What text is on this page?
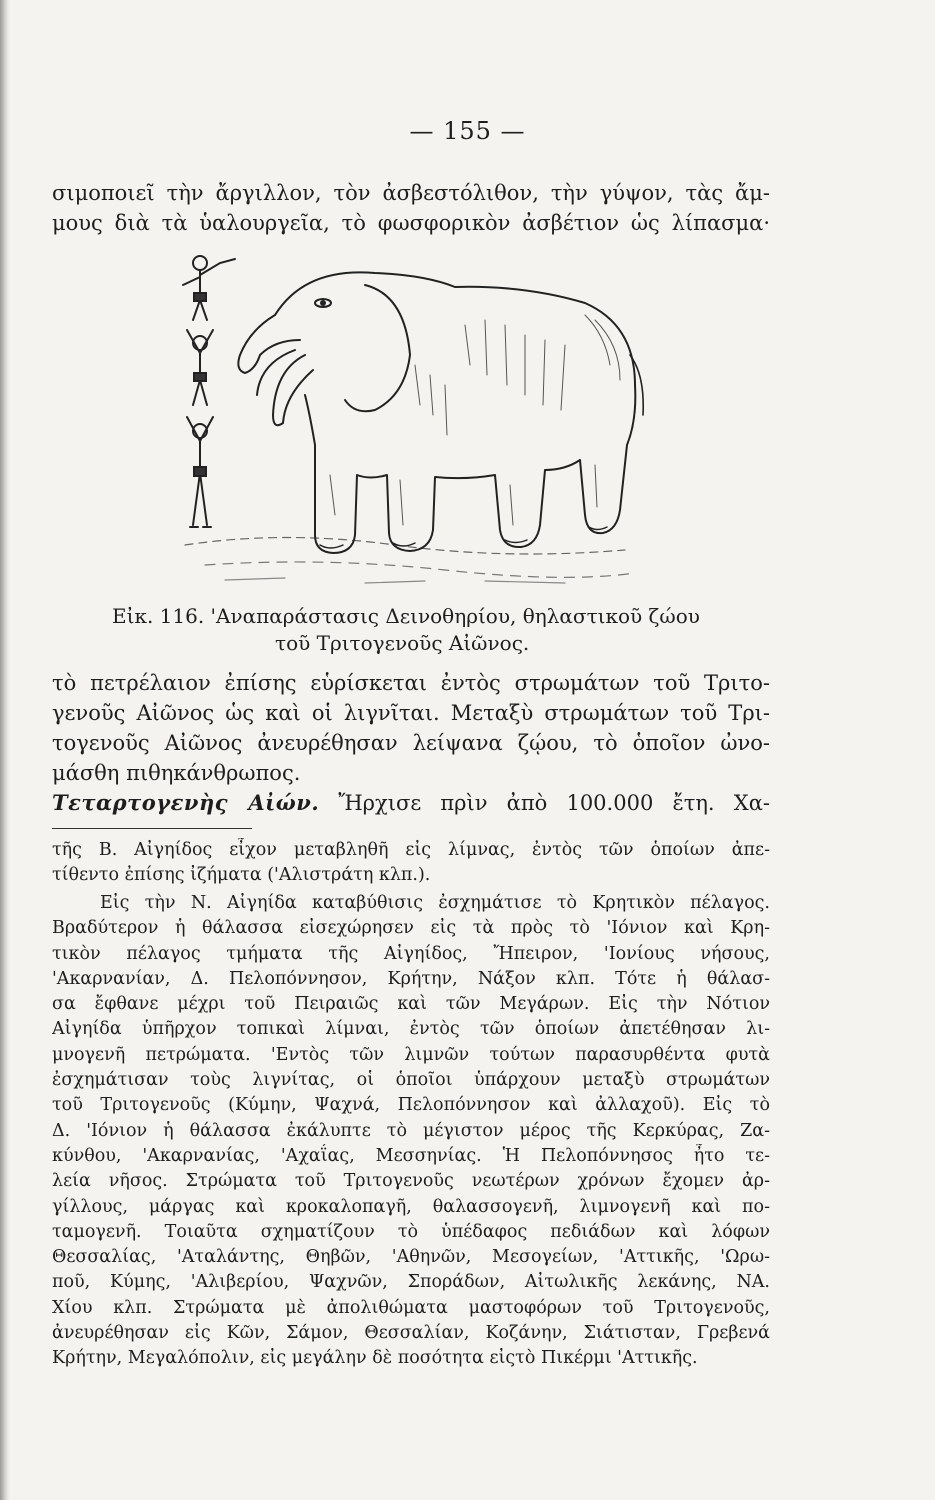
— 155 —
σιμοποιεῖ τὴν ἄργιλλον, τὸν ἀσβεστόλιθον, τὴν γύψον, τὰς ἄμ-
μους διὰ τὰ ὑαλουργεῖα, τὸ φωσφορικὸν ἀσβέτιον ὡς λίπασμα·
Εἰκ. 116. 'Αναπαράστασις Δεινοθηρίου, θηλαστικοῦ ζώου
τοῦ Τριτογενοῦς Αἰῶνος.
τὸ πετρέλαιον ἐπίσης εὑρίσκεται ἐντὸς στρωμάτων τοῦ Τριτο-
γενοῦς Αἰῶνος ὡς καὶ οἱ λιγνῖται. Μεταξὺ στρωμάτων τοῦ Τρι-
τογενοῦς Αἰῶνος ἀνευρέθησαν λείψανα ζῴου, τὸ ὁποῖον ὠνο-
μάσθη πιθηκάνθρωπος.
Τεταρτογενὴς Αἰών. Ἤρχισε πρὶν ἀπὸ 100.000 ἔτη. Χα-
τῆς Β. Αἰγηίδος εἶχον μεταβληθῆ εἰς λίμνας, ἐντὸς τῶν ὁποίων ἀπε-
τίθεντο ἐπίσης ἰζήματα ('Αλιστράτη κλπ.).
Εἰς τὴν Ν. Αἰγηίδα καταβύθισις ἐσχημάτισε τὸ Κρητικὸν πέλαγος.
Βραδύτερον ἡ θάλασσα εἰσεχώρησεν εἰς τὰ πρὸς τὸ 'Ιόνιον καὶ Κρη-
τικὸν πέλαγος τμήματα τῆς Αἰγηίδος, Ἤπειρον, 'Ιονίους νήσους,
'Ακαρνανίαν, Δ. Πελοπόννησον, Κρήτην, Νάξον κλπ. Τότε ἡ θάλασ-
σα ἔφθανε μέχρι τοῦ Πειραιῶς καὶ τῶν Μεγάρων. Εἰς τὴν Νότιον
Αἰγηίδα ὑπῆρχον τοπικαὶ λίμναι, ἐντὸς τῶν ὁποίων ἀπετέθησαν λι-
μνογενῆ πετρώματα. 'Εντὸς τῶν λιμνῶν τούτων παρασυρθέντα φυτὰ
ἐσχημάτισαν τοὺς λιγνίτας, οἱ ὁποῖοι ὑπάρχουν μεταξὺ στρωμάτων
τοῦ Τριτογενοῦς (Κύμην, Ψαχνά, Πελοπόννησον καὶ ἀλλαχοῦ). Εἰς τὸ
Δ. 'Ιόνιον ἡ θάλασσα ἐκάλυπτε τὸ μέγιστον μέρος τῆς Κερκύρας, Ζα-
κύνθου, 'Ακαρνανίας, 'Αχαΐας, Μεσσηνίας. Ἡ Πελοπόννησος ἦτο τε-
λεία νῆσος. Στρώματα τοῦ Τριτογενοῦς νεωτέρων χρόνων ἔχομεν ἀρ-
γίλλους, μάργας καὶ κροκαλοπαγῆ, θαλασσογενῆ, λιμνογενῆ καὶ πο-
ταμογενῆ. Τοιαῦτα σχηματίζουν τὸ ὑπέδαφος πεδιάδων καὶ λόφων
Θεσσαλίας, 'Αταλάντης, Θηβῶν, 'Αθηνῶν, Μεσογείων, 'Αττικῆς, 'Ωρω-
ποῦ, Κύμης, 'Αλιβερίου, Ψαχνῶν, Σποράδων, Αἰτωλικῆς λεκάνης, ΝΑ.
Χίου κλπ. Στρώματα μὲ ἀπολιθώματα μαστοφόρων τοῦ Τριτογενοῦς,
ἀνευρέθησαν εἰς Κῶν, Σάμον, Θεσσαλίαν, Κοζάνην, Σιάτισταν, Γρεβενά
Κρήτην, Μεγαλόπολιν, εἰς μεγάλην δὲ ποσότητα εἰςτὸ Πικέρμι 'Αττικῆς.
